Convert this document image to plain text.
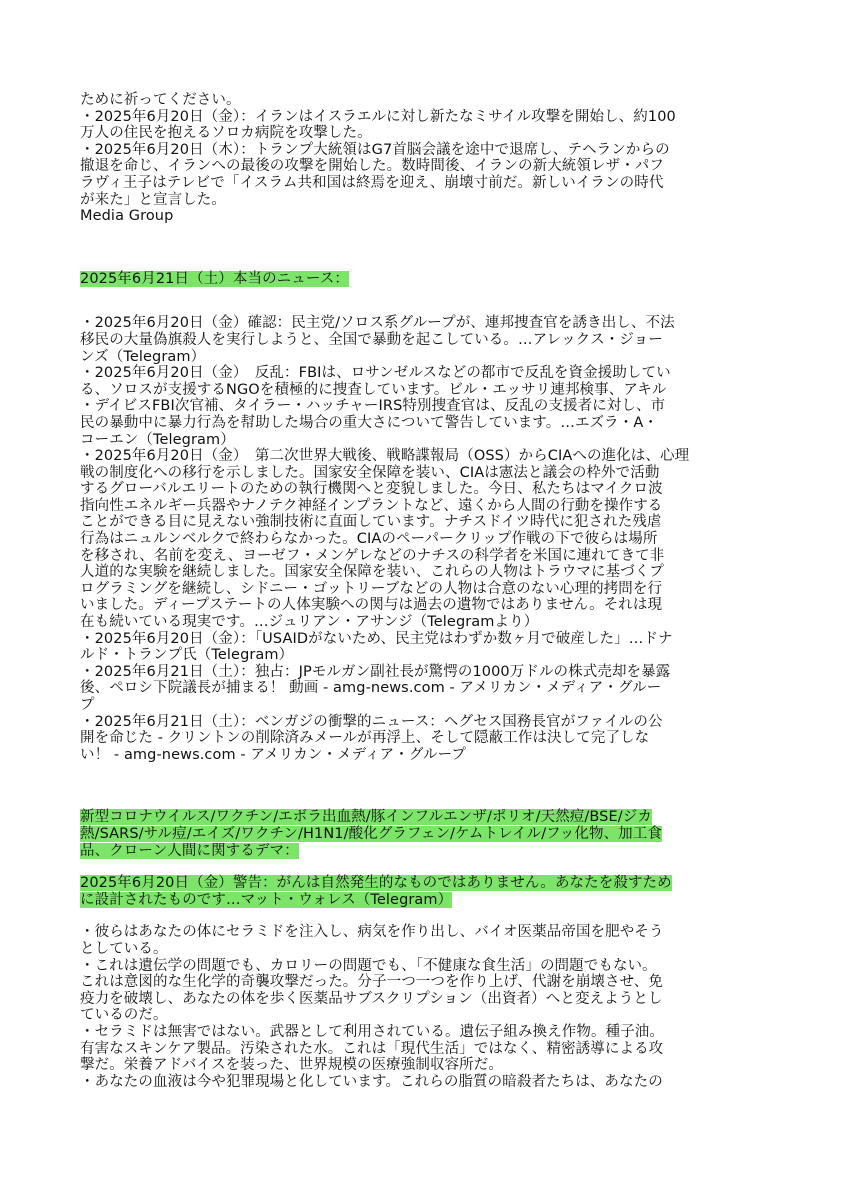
ために祈ってください。
・2025年6月20日（金）：イランはイスラエルに対し新たなミサイル攻撃を開始し、約100
万人の住民を抱えるソロカ病院を攻撃した。
・2025年6月20日（木）：トランプ大統領はG7首脳会議を途中で退席し、テヘランからの
撤退を命じ、イランへの最後の攻撃を開始した。数時間後、イランの新大統領レザ・パフ
ラヴィ王子はテレビで「イスラム共和国は終焉を迎え、崩壊寸前だ。新しいイランの時代
が来た」と宣言した。
Media Group
2025年6月21日（土）本当のニュース：
・2025年6月20日（金）確認：民主党/ソロス系グループが、連邦捜査官を誘き出し、不法
移民の大量偽旗殺人を実行しようと、全国で暴動を起こしている。…アレックス・ジョー
ンズ（Telegram）
・2025年6月20日（金）　反乱：FBIは、ロサンゼルスなどの都市で反乱を資金援助してい
る、ソロスが支援するNGOを積極的に捜査しています。ビル・エッサリ連邦検事、アキル
・デイビスFBI次官補、タイラー・ハッチャーIRS特別捜査官は、反乱の支援者に対し、市
民の暴動中に暴力行為を幇助した場合の重大さについて警告しています。…エズラ・A・
コーエン（Telegram）
・2025年6月20日（金）　第二次世界大戦後、戦略諜報局（OSS）からCIAへの進化は、心理
戦の制度化への移行を示しました。国家安全保障を装い、CIAは憲法と議会の枠外で活動
するグローバルエリートのための執行機関へと変貌しました。今日、私たちはマイクロ波
指向性エネルギー兵器やナノテク神経インプラントなど、遠くから人間の行動を操作する
ことができる目に見えない強制技術に直面しています。ナチスドイツ時代に犯された残虐
行為はニュルンベルクで終わらなかった。CIAのペーパークリップ作戦の下で彼らは場所
を移され、名前を変え、ヨーゼフ・メンゲレなどのナチスの科学者を米国に連れてきて非
人道的な実験を継続しました。国家安全保障を装い、これらの人物はトラウマに基づくプ
ログラミングを継続し、シドニー・ゴットリーブなどの人物は合意のない心理的拷問を行
いました。ディープステートの人体実験への関与は過去の遺物ではありません。それは現
在も続いている現実です。…ジュリアン・アサンジ（Telegramより）
・2025年6月20日（金）：「USAIDがないため、民主党はわずか数ヶ月で破産した」…ドナ
ルド・トランプ氏（Telegram）
・2025年6月21日（土）：独占：JPモルガン副社長が驚愕の1000万ドルの株式売却を暴露
後、ペロシ下院議長が捕まる！ 動画 - amg-news.com - アメリカン・メディア・グルー
プ
・2025年6月21日（土）：ベンガジの衝撃的ニュース：ヘグセス国務長官がファイルの公
開を命じた - クリントンの削除済みメールが再浮上、そして隠蔽工作は決して完了しな
い！ - amg-news.com - アメリカン・メディア・グループ
新型コロナウイルス/ワクチン/エボラ出血熱/豚インフルエンザ/ポリオ/天然痘/BSE/ジカ
熱/SARS/サル痘/エイズ/ワクチン/H1N1/酸化グラフェン/ケムトレイル/フッ化物、加工食
品、クローン人間に関するデマ：
2025年6月20日（金）警告：がんは自然発生的なものではありません。あなたを殺すため
に設計されたものです…マット・ウォレス（Telegram）
・彼らはあなたの体にセラミドを注入し、病気を作り出し、バイオ医薬品帝国を肥やそう
としている。
・これは遺伝学の問題でも、カロリーの問題でも、「不健康な食生活」の問題でもない。
これは意図的な生化学的奇襲攻撃だった。分子一つ一つを作り上げ、代謝を崩壊させ、免
疫力を破壊し、あなたの体を歩く医薬品サブスクリプション（出資者）へと変えようとし
ているのだ。
・セラミドは無害ではない。武器として利用されている。遺伝子組み換え作物。種子油。
有害なスキンケア製品。汚染された水。これは「現代生活」ではなく、精密誘導による攻
撃だ。栄養アドバイスを装った、世界規模の医療強制収容所だ。
・あなたの血液は今や犯罪現場と化しています。これらの脂質の暗殺者たちは、あなたの
